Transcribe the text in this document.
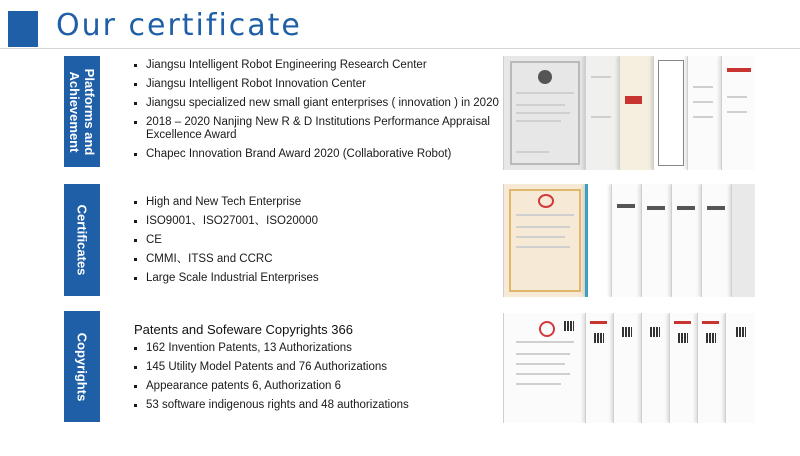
Our certificate
Platforms and Achievement
Jiangsu Intelligent Robot Engineering Research Center
Jiangsu Intelligent Robot Innovation Center
Jiangsu specialized new small giant enterprises ( innovation ) in 2020
2018 – 2020 Nanjing New R & D Institutions Performance Appraisal Excellence Award
Chapec Innovation Brand Award 2020 (Collaborative Robot)
Certificates
High and New Tech Enterprise
ISO9001、ISO27001、ISO20000
CE
CMMI、ITSS and CCRC
Large Scale Industrial Enterprises
Copyrights
Patents and Sofeware Copyrights 366
162 Invention Patents, 13 Authorizations
145 Utility Model Patents and 76 Authorizations
Appearance patents 6, Authorization 6
53 software indigenous rights and 48 authorizations
